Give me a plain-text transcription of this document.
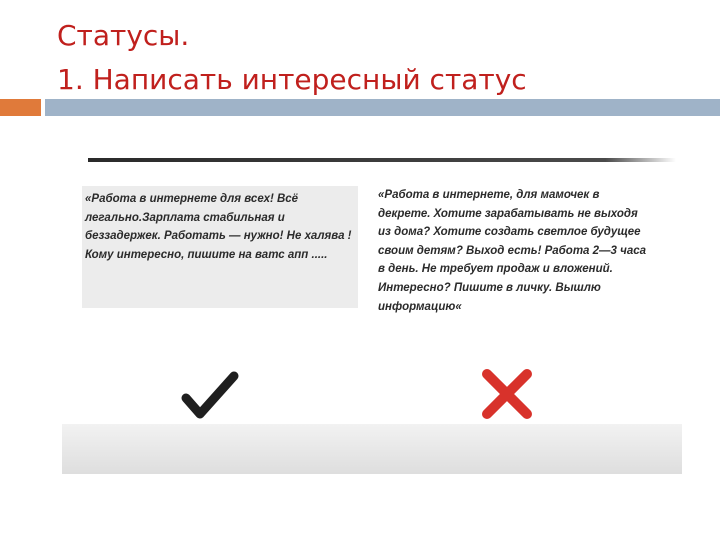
Статусы.
1. Написать интересный статус
«Работа в интернете для всех! Всё легально.Зарплата стабильная и беззадержек. Работать — нужно! Не халява ! Кому интересно, пишите на ватс апп .....
«Работа в интернете, для мамочек в декрете. Хотите зарабатывать не выходя из дома? Хотите создать светлое будущее своим детям? Выход есть! Работа 2—3 часа в день. Не требует продаж и вложений. Интересно? Пишите в личку. Вышлю информацию«
